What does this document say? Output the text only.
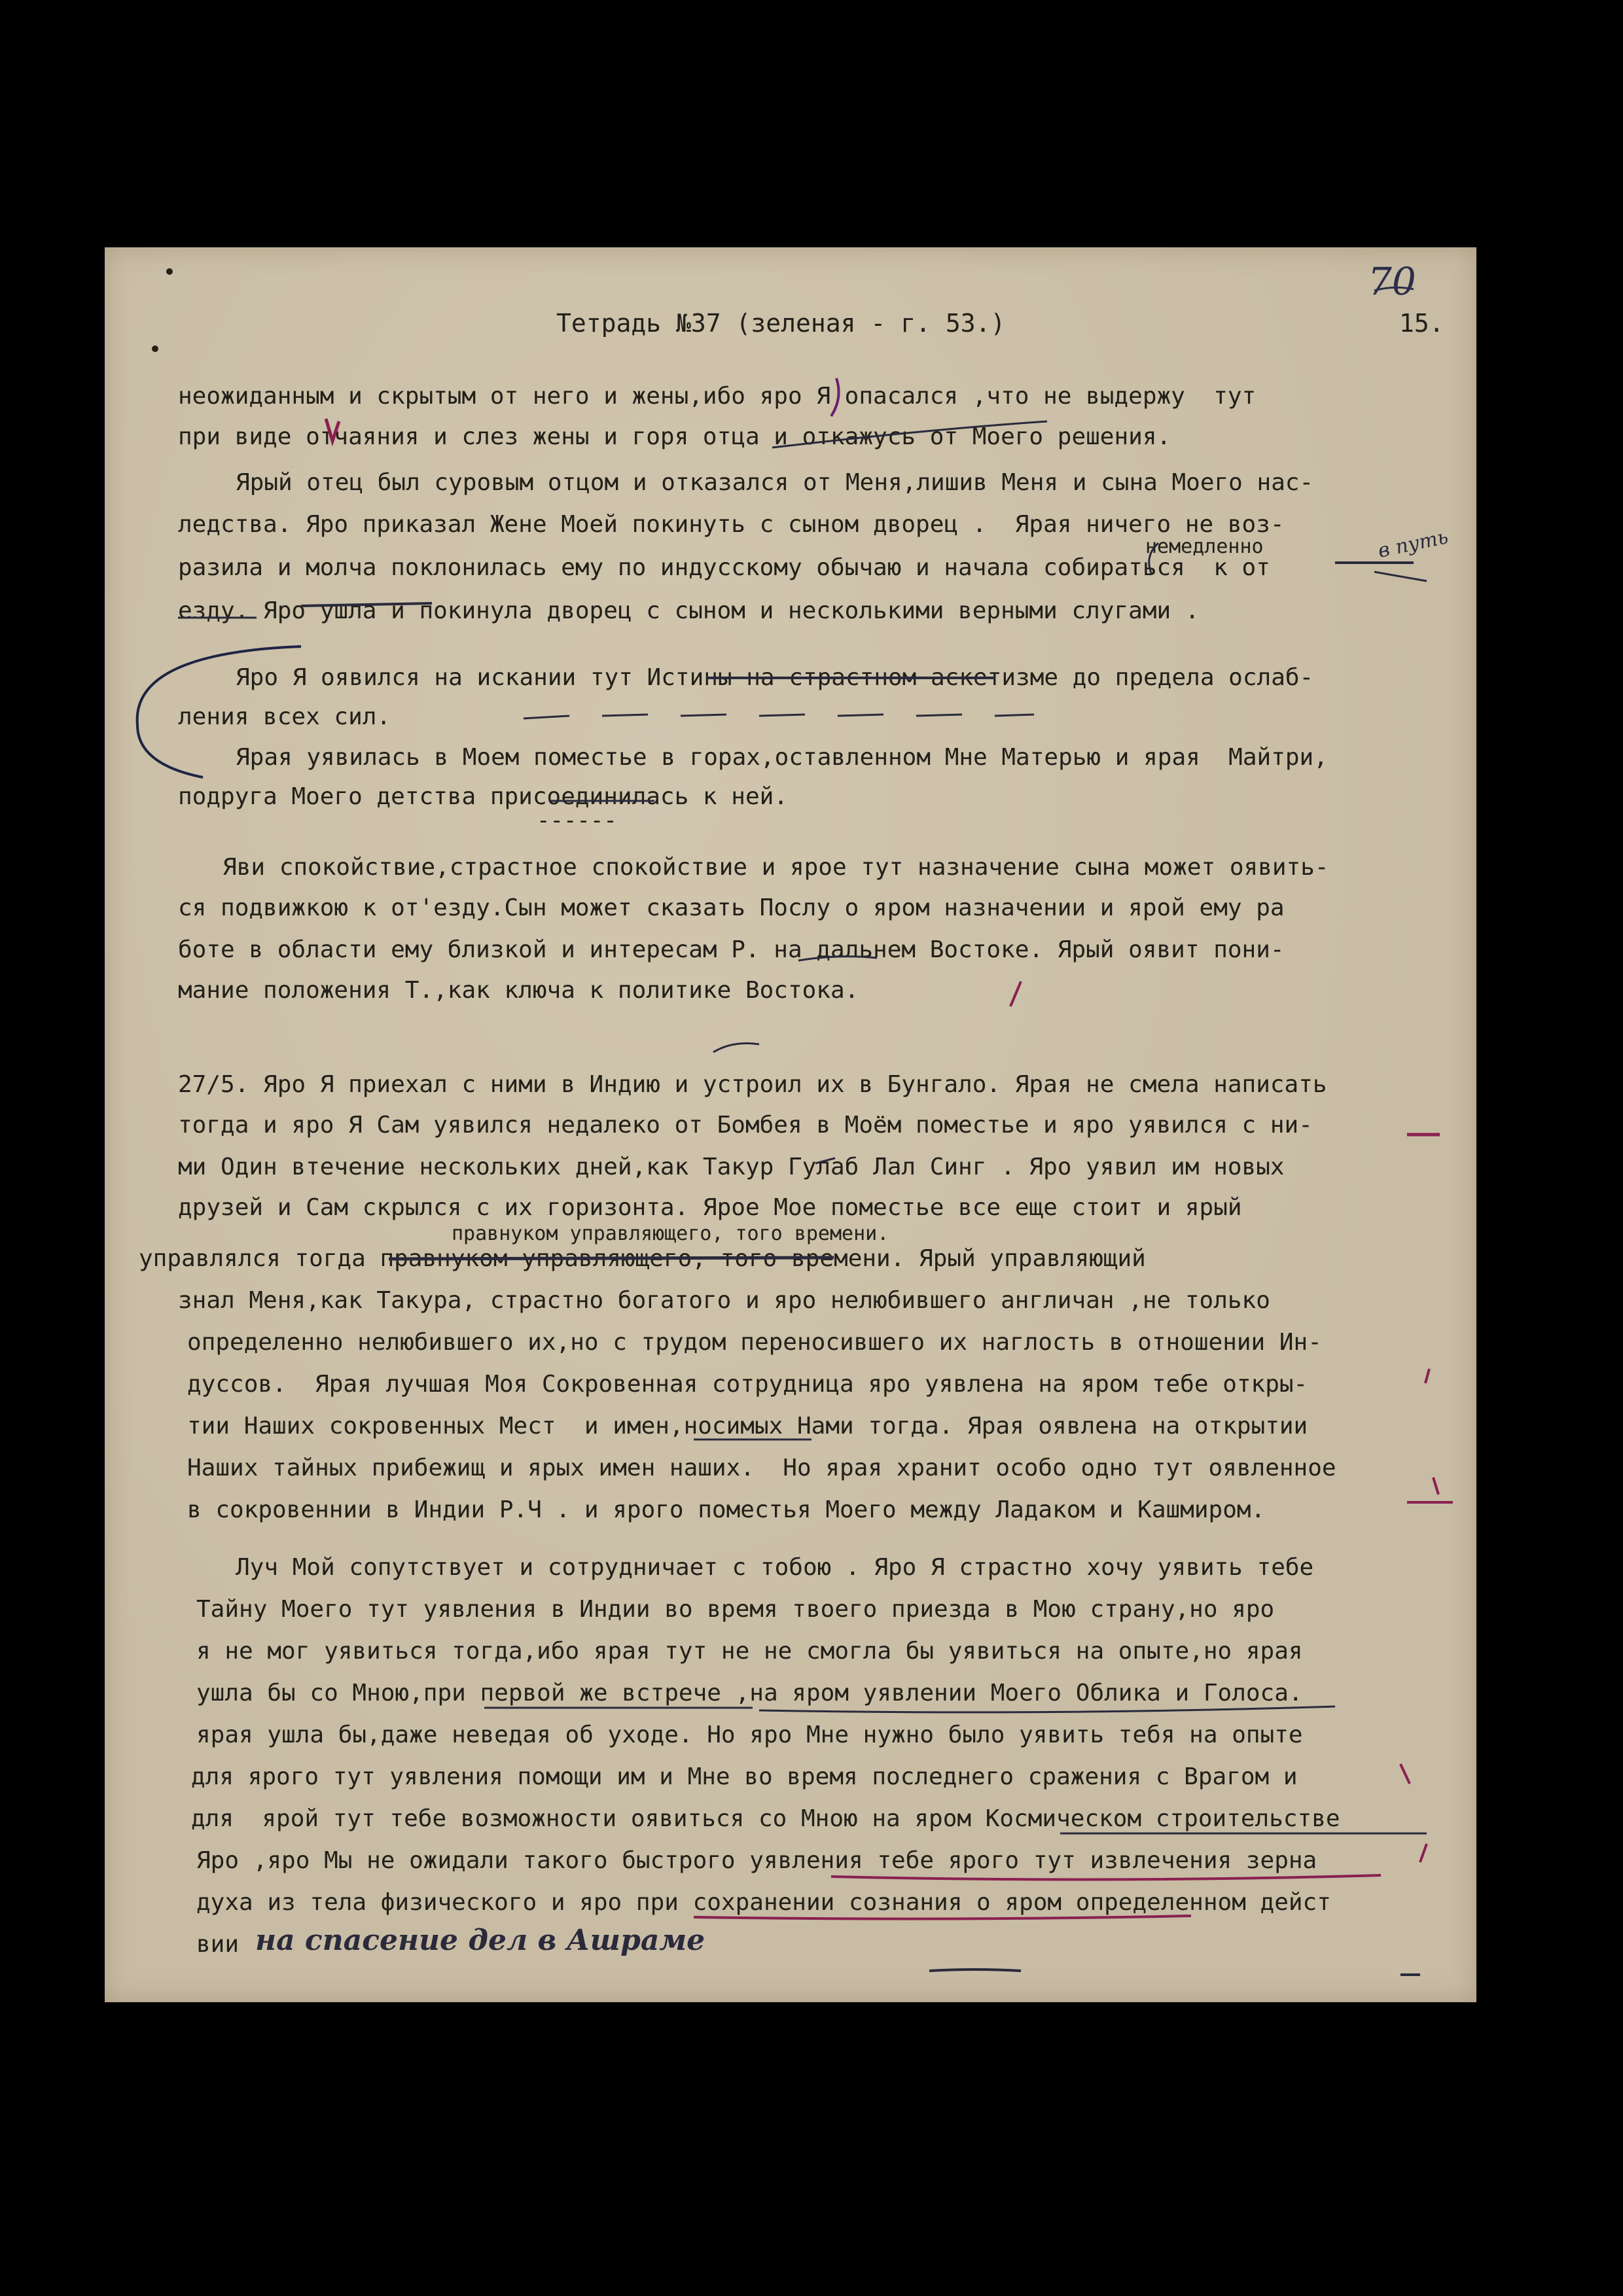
70
Тетрадь №37 (зеленая - г. 53.)	15.
неожиданным и скрытым от него и жены,ибо яро Я опасался ,что не выдержу  тут
при виде отчаяния и слез жены и горя отца и откажусь от Моего решения.
Ярый отец был суровым отцом и отказался от Меня,лишив Меня и сына Моего нас-
ледства. Яро приказал Жене Моей покинуть с сыном дворец .  Ярая ничего не воз-
разила и молча поклонилась ему по индусскому обычаю и начала собираться  к от
езду. Яро ушла и покинула дворец с сыном и несколькими верными слугами .
Яро Я оявился на искании тут Истины на страстном аскетизме до предела ослаб-
ления всех сил.
Ярая уявилась в Моем поместье в горах,оставленном Мне Матерью и ярая  Майтри,
подруга Моего детства присоединилась к ней.
------
Яви спокойствие,страстное спокойствие и ярое тут назначение сына может оявить-
ся подвижкою к от'езду.Сын может сказать Послу о яром назначении и ярой ему ра
боте в области ему близкой и интересам Р. на дальнем Востоке. Ярый оявит пони-
мание положения Т.,как ключа к политике Востока.
27/5. Яро Я приехал с ними в Индию и устроил их в Бунгало. Ярая не смела написать
тогда и яро Я Сам уявился недалеко от Бомбея в Моём поместье и яро уявился с ни-
ми Один втечение нескольких дней,как Такур Гулаб Лал Синг . Яро уявил им новых
друзей и Сам скрылся с их горизонта. Ярое Мое поместье все еще стоит и ярый
правнуком управляющего, того времени.
управлялся тогда правнуком управляющего, того времени. Ярый управляющий
знал Меня,как Такура, страстно богатого и яро нелюбившего англичан ,не только
определенно нелюбившего их,но с трудом переносившего их наглость в отношении Ин-
дуссов.  Ярая лучшая Моя Сокровенная сотрудница яро уявлена на яром тебе откры-
тии Наших сокровенных Мест  и имен,носимых Нами тогда. Ярая оявлена на открытии
Наших тайных прибежищ и ярых имен наших.  Но ярая хранит особо одно тут оявленное
в сокровеннии в Индии Р.Ч . и ярого поместья Моего между Ладаком и Кашмиром.
Луч Мой сопутствует и сотрудничает с тобою . Яро Я страстно хочу уявить тебе
Тайну Моего тут уявления в Индии во время твоего приезда в Мою страну,но яро
я не мог уявиться тогда,ибо ярая тут не не смогла бы уявиться на опыте,но ярая
ушла бы со Мною,при первой же встрече ,на яром уявлении Моего Облика и Голоса.
ярая ушла бы,даже неведая об уходе. Но яро Мне нужно было уявить тебя на опыте
для ярого тут уявления помощи им и Мне во время последнего сражения с Врагом и
для  ярой тут тебе возможности оявиться со Мною на яром Космическом строительстве
Яро ,яро Мы не ожидали такого быстрого уявления тебе ярого тут извлечения зерна
духа из тела физического и яро при сохранении сознания о яром определенном дейст
вии
немедленно	в путь
на спасение дел в Ашраме
